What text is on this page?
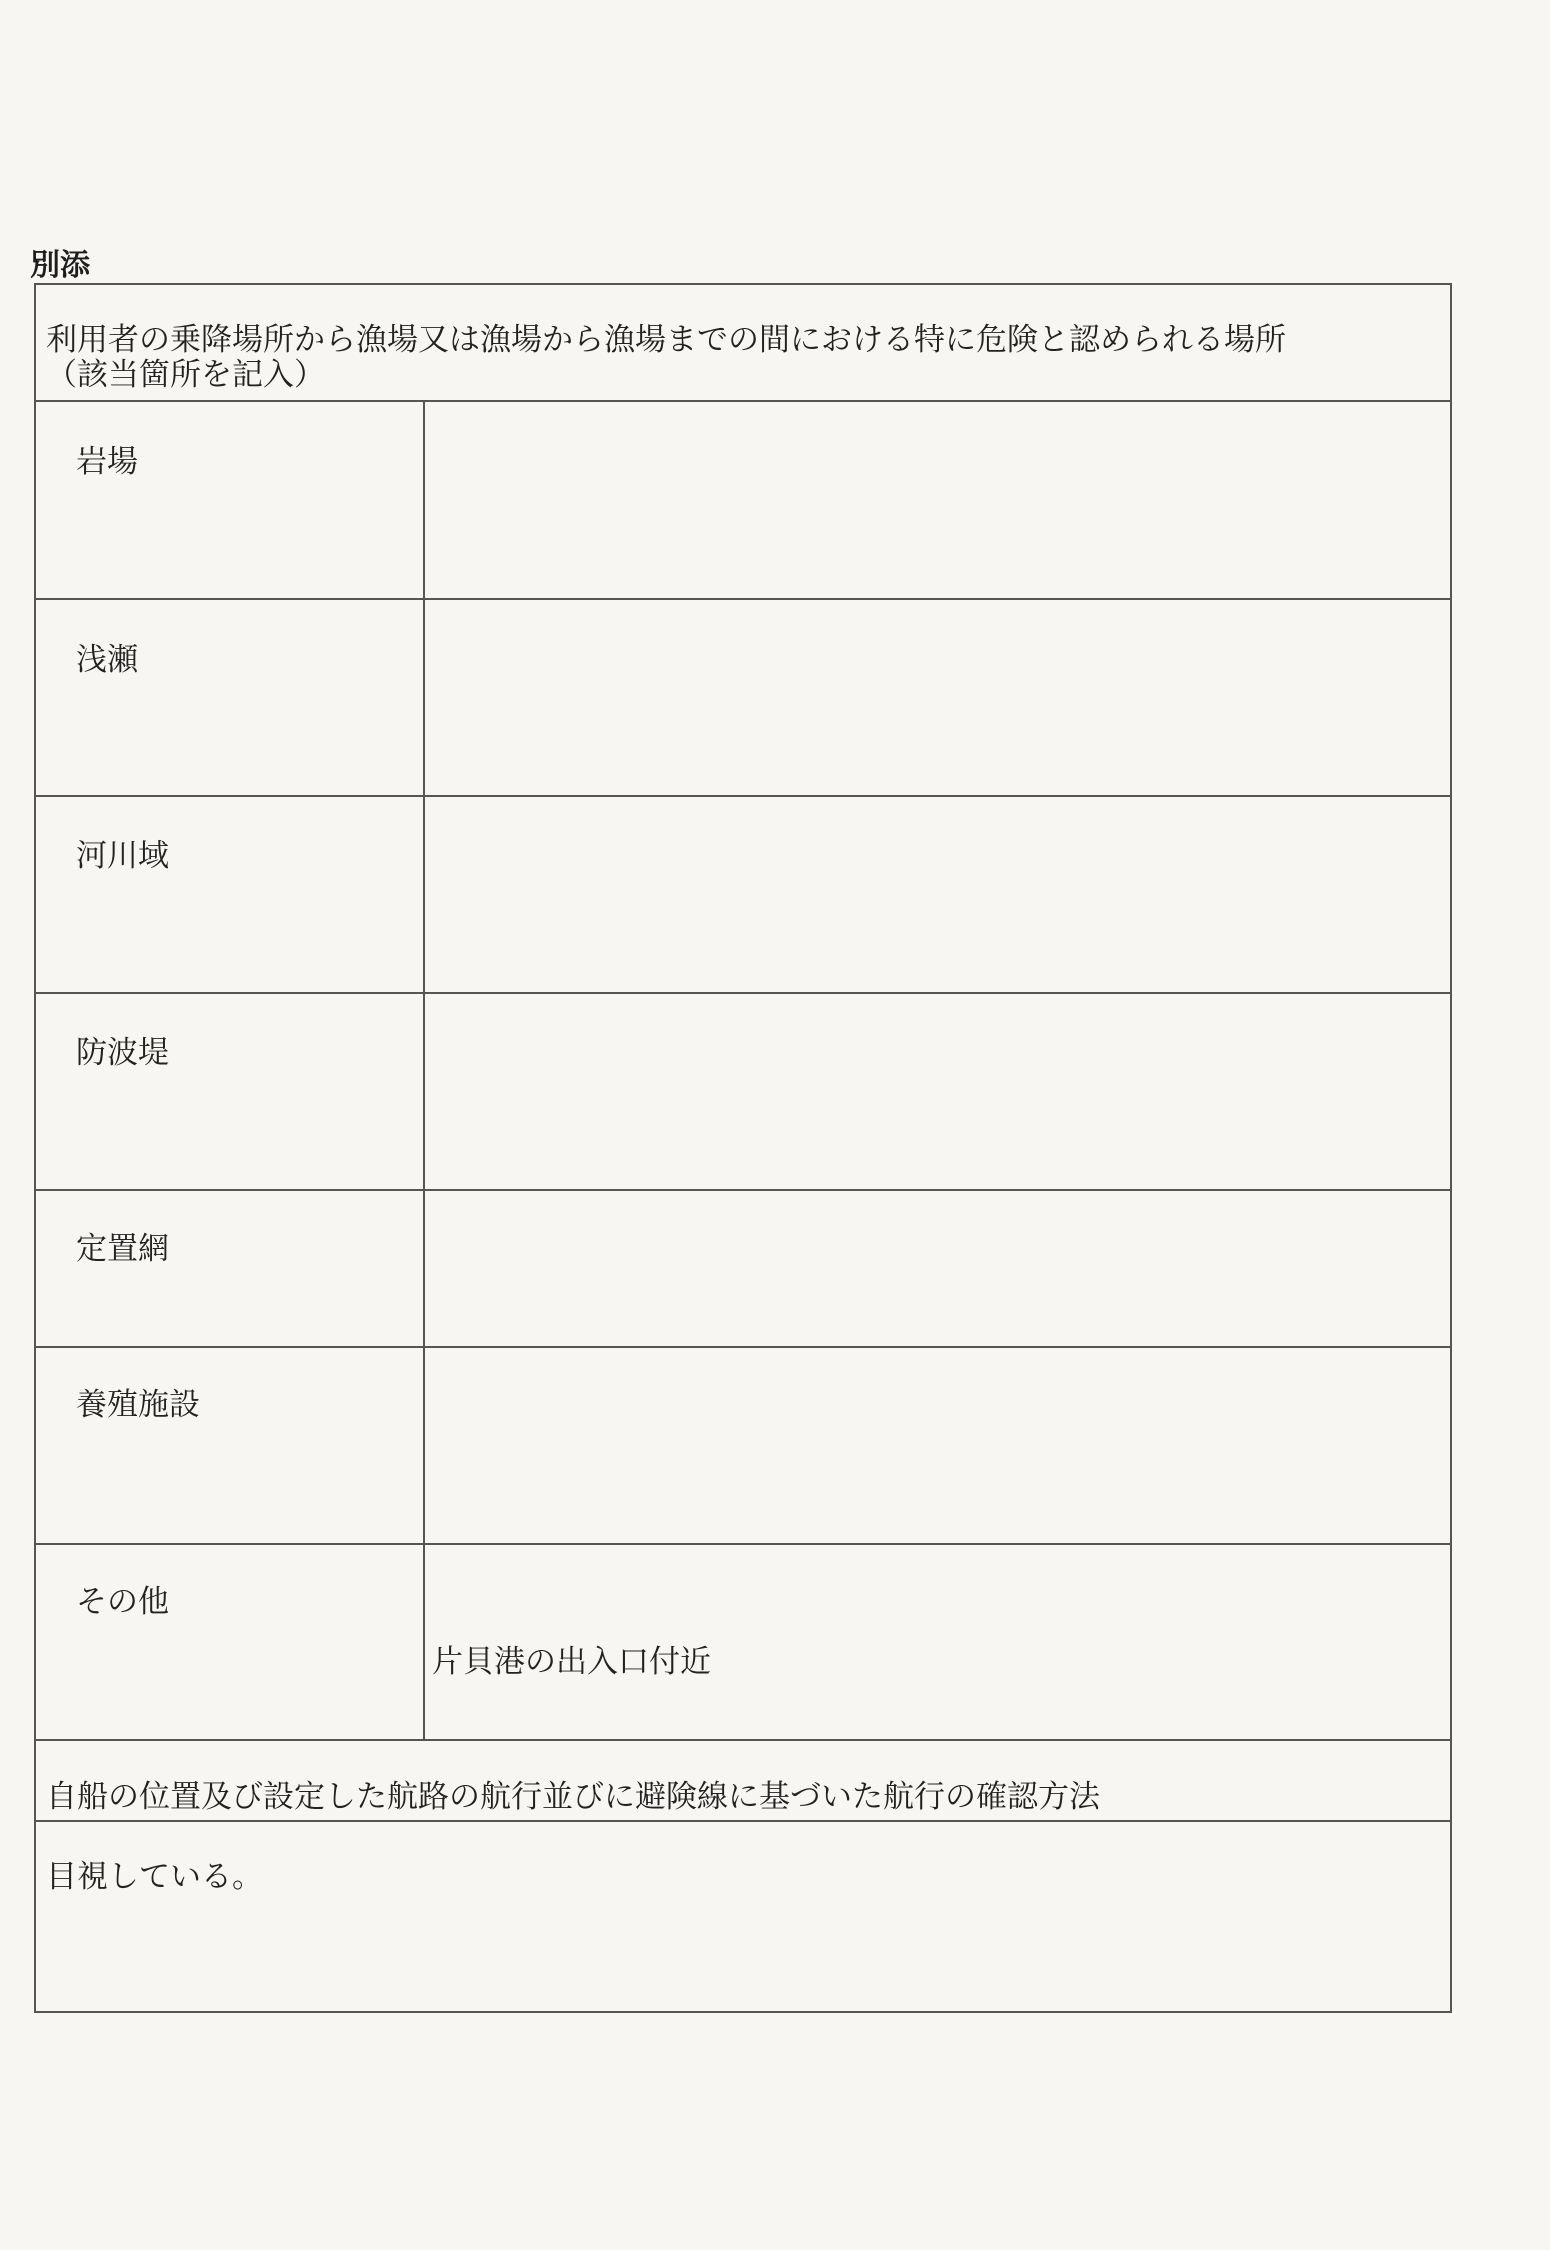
別添
利用者の乗降場所から漁場又は漁場から漁場までの間における特に危険と認められる場所
（該当箇所を記入）
岩場
浅瀬
河川域
防波堤
定置網
養殖施設
その他
片貝港の出入口付近
自船の位置及び設定した航路の航行並びに避険線に基づいた航行の確認方法
目視している。
